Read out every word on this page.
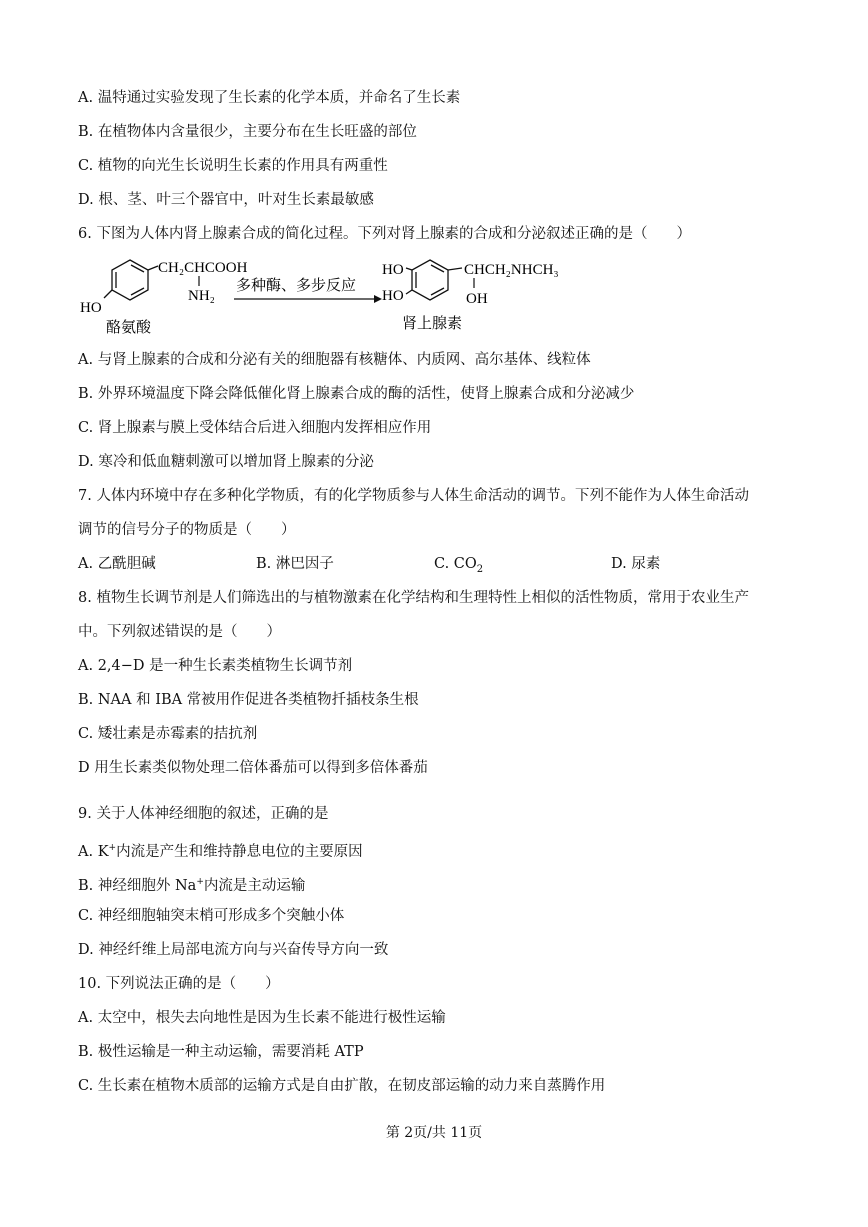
A. 温特通过实验发现了生长素的化学本质，并命名了生长素
B. 在植物体内含量很少，主要分布在生长旺盛的部位
C. 植物的向光生长说明生长素的作用具有两重性
D. 根、茎、叶三个器官中，叶对生长素最敏感
6. 下图为人体内肾上腺素合成的简化过程。下列对肾上腺素的合成和分泌叙述正确的是（　　）
CH₂CHCOOH
NH₂
HO
酪氨酸
多种酶、多步反应
HO
HO
CHCH₂NHCH₃
OH
肾上腺素
A. 与肾上腺素的合成和分泌有关的细胞器有核糖体、内质网、高尔基体、线粒体
B. 外界环境温度下降会降低催化肾上腺素合成的酶的活性，使肾上腺素合成和分泌减少
C. 肾上腺素与膜上受体结合后进入细胞内发挥相应作用
D. 寒冷和低血糖刺激可以增加肾上腺素的分泌
7. 人体内环境中存在多种化学物质，有的化学物质参与人体生命活动的调节。下列不能作为人体生命活动
调节的信号分子的物质是（　　）
A. 乙酰胆碱	B. 淋巴因子	C. $CO_2$	D. 尿素
8. 植物生长调节剂是人们筛选出的与植物激素在化学结构和生理特性上相似的活性物质，常用于农业生产
中。下列叙述错误的是（　　）
A. 2,4−D 是一种生长素类植物生长调节剂
B. NAA 和 IBA 常被用作促进各类植物扦插枝条生根
C. 矮壮素是赤霉素的拮抗剂
D 用生长素类似物处理二倍体番茄可以得到多倍体番茄
9. 关于人体神经细胞的叙述，正确的是
A. K+内流是产生和维持静息电位的主要原因
B. 神经细胞外 Na+内流是主动运输
C. 神经细胞轴突末梢可形成多个突触小体
D. 神经纤维上局部电流方向与兴奋传导方向一致
10. 下列说法正确的是（　　）
A. 太空中，根失去向地性是因为生长素不能进行极性运输
B. 极性运输是一种主动运输，需要消耗 ATP
C. 生长素在植物木质部的运输方式是自由扩散，在韧皮部运输的动力来自蒸腾作用
第 2页/共 11页
